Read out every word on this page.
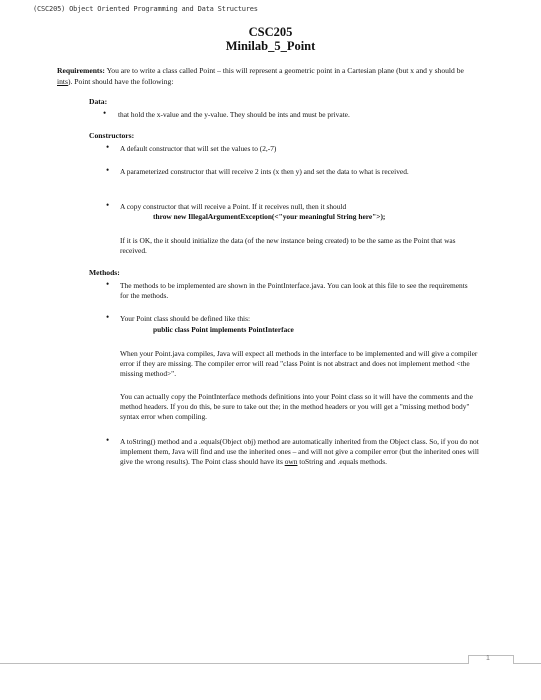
(CSC205) Object Oriented Programming and Data Structures
CSC205
Minilab_5_Point
Requirements: You are to write a class called Point – this will represent a geometric point in a Cartesian plane (but x and y should be ints). Point should have the following:
Data:
• that hold the x-value and the y-value. They should be ints and must be private.
Constructors:
• A default constructor that will set the values to (2,-7)
• A parameterized constructor that will receive 2 ints (x then y) and set the data to what is received.
• A copy constructor that will receive a Point. If it receives null, then it should
throw new IllegalArgumentException(<"your meaningful String here">);
If it is OK, the it should initialize the data (of the new instance being created) to be the same as the Point that was received.
Methods:
• The methods to be implemented are shown in the PointInterface.java. You can look at this file to see the requirements for the methods.
• Your Point class should be defined like this:
public class Point implements PointInterface
When your Point.java compiles, Java will expect all methods in the interface to be implemented and will give a compiler error if they are missing. The compiler error will read "class Point is not abstract and does not implement method <the missing method>".
You can actually copy the PointInterface methods definitions into your Point class so it will have the comments and the method headers. If you do this, be sure to take out the; in the method headers or you will get a "missing method body" syntax error when compiling.
• A toString() method and a .equals(Object obj) method are automatically inherited from the Object class. So, if you do not implement them, Java will find and use the inherited ones – and will not give a compiler error (but the inherited ones will give the wrong results). The Point class should have its own toString and .equals methods.
1
